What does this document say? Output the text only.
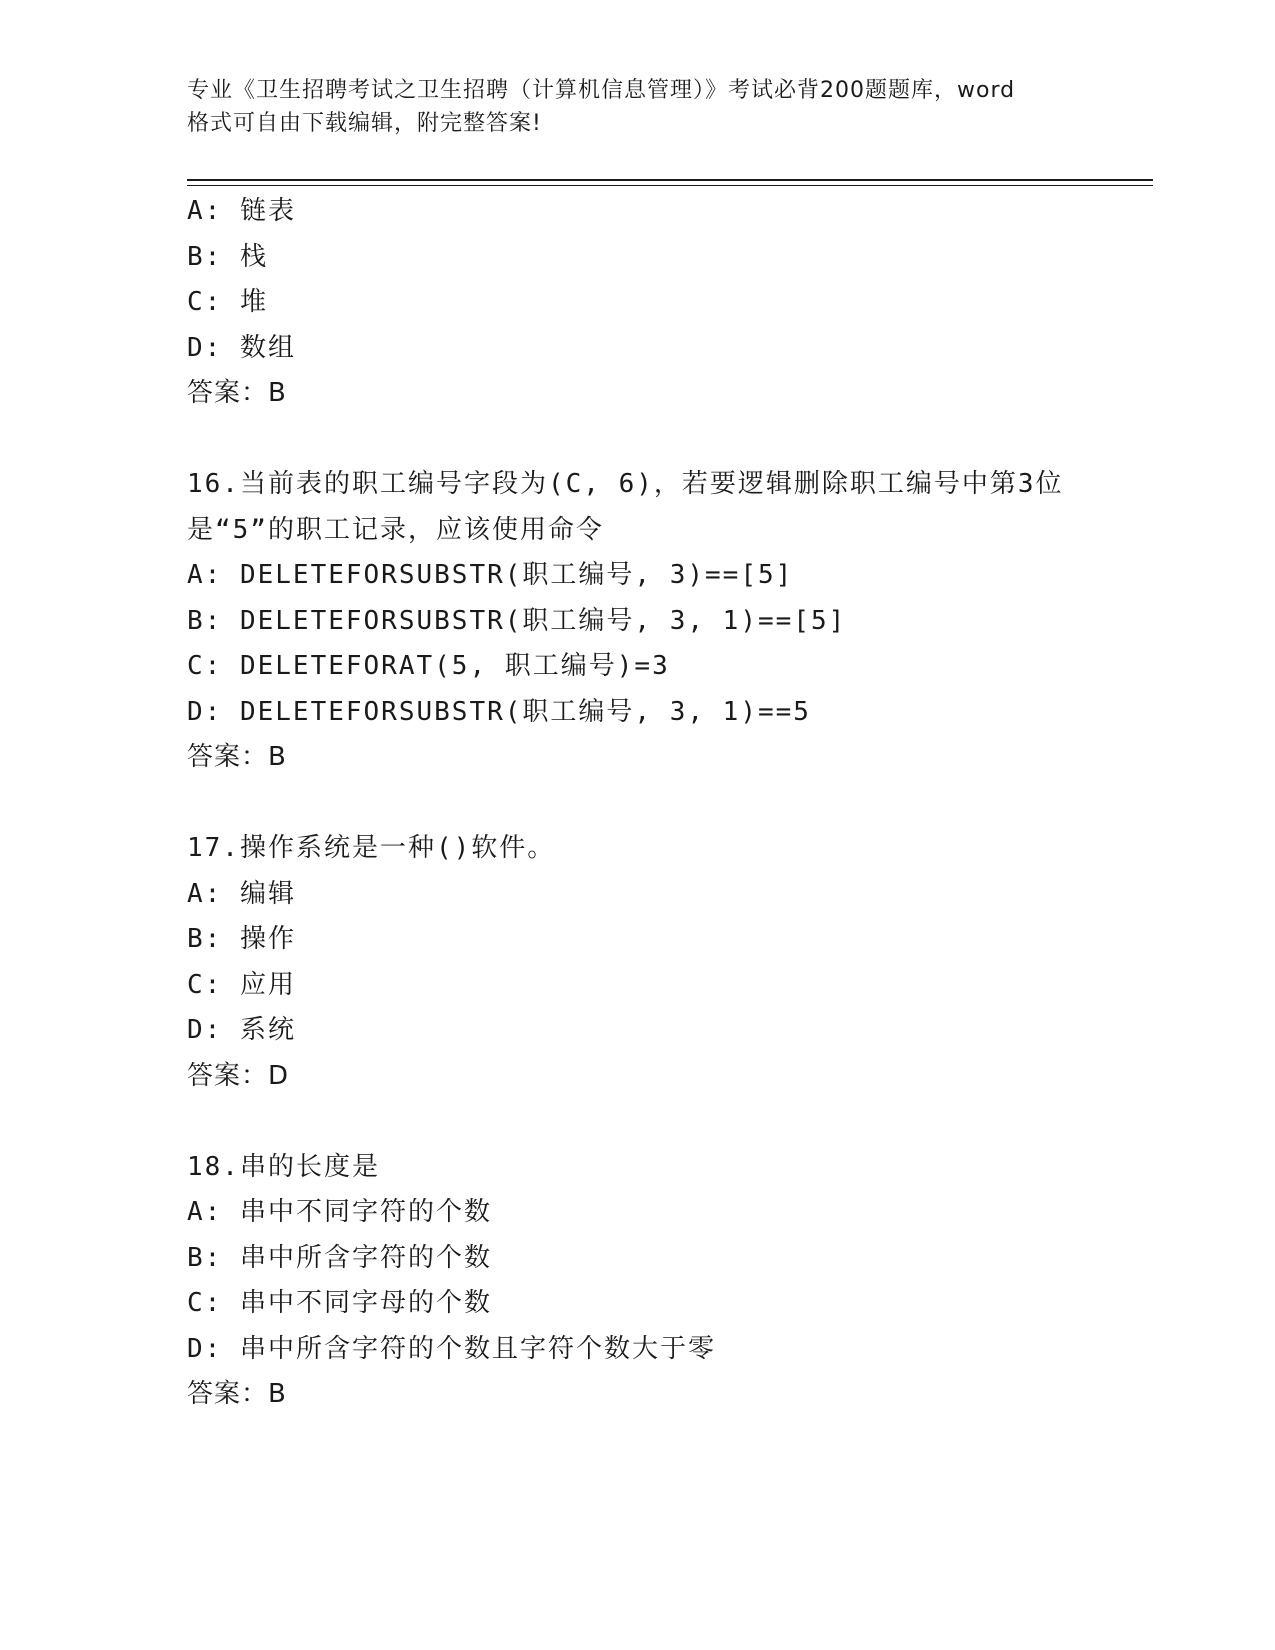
专业《卫生招聘考试之卫生招聘（计算机信息管理）》考试必背200题题库，word
格式可自由下载编辑，附完整答案!
A: 链表
B: 栈
C: 堆
D: 数组
答案：B
16.当前表的职工编号字段为(C, 6)，若要逻辑删除职工编号中第3位
是“5”的职工记录，应该使用命令
A: DELETEFORSUBSTR(职工编号, 3)==[5]
B: DELETEFORSUBSTR(职工编号, 3, 1)==[5]
C: DELETEFORAT(5, 职工编号)=3
D: DELETEFORSUBSTR(职工编号, 3, 1)==5
答案：B
17.操作系统是一种()软件。
A: 编辑
B: 操作
C: 应用
D: 系统
答案：D
18.串的长度是
A: 串中不同字符的个数
B: 串中所含字符的个数
C: 串中不同字母的个数
D: 串中所含字符的个数且字符个数大于零
答案：B
